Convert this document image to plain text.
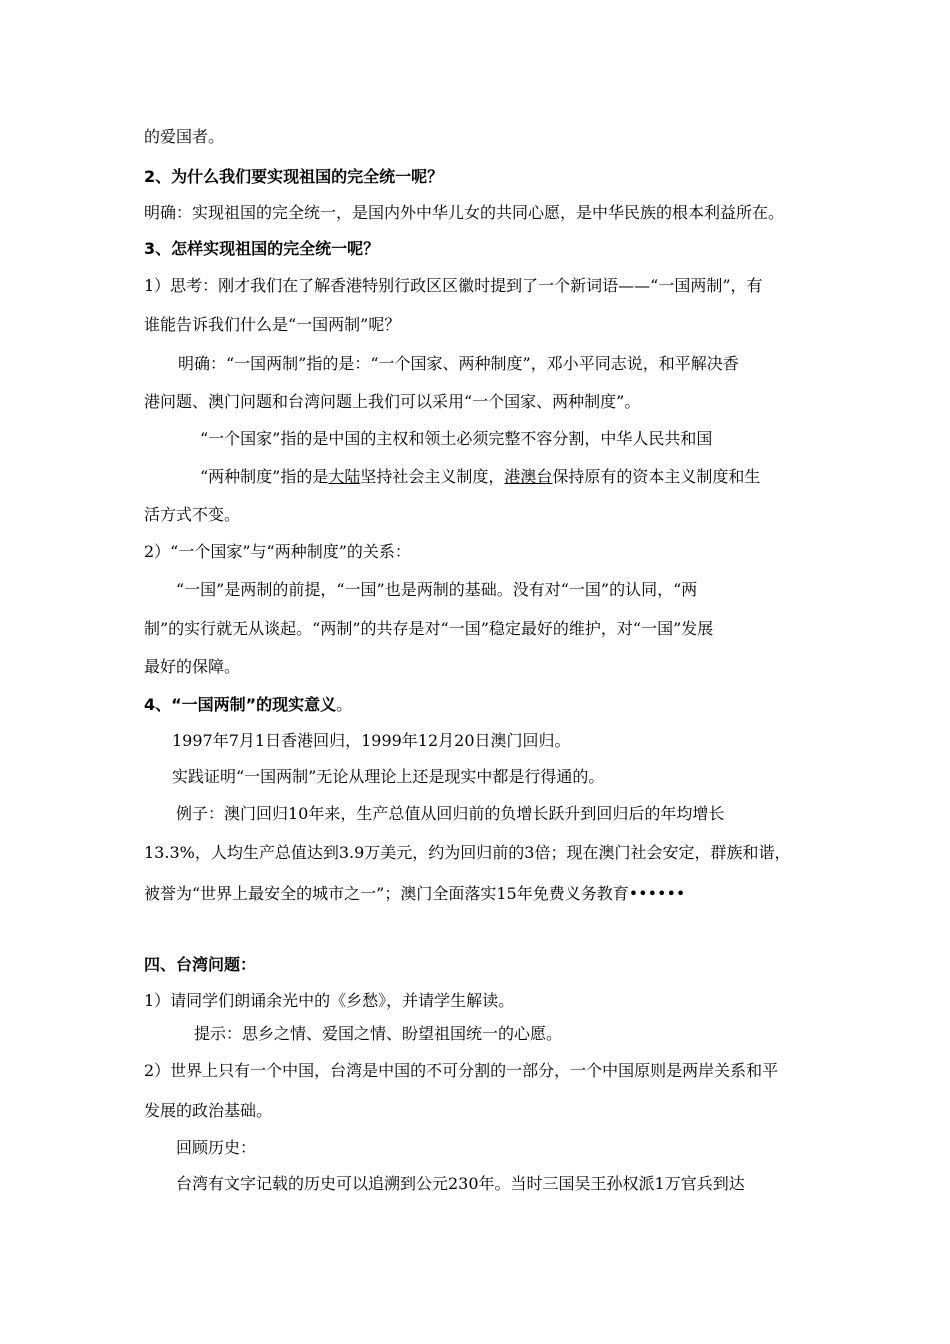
的爱国者。
2、为什么我们要实现祖国的完全统一呢？
明确：实现祖国的完全统一，是国内外中华儿女的共同心愿，是中华民族的根本利益所在。
3、怎样实现祖国的完全统一呢？
1）思考：刚才我们在了解香港特别行政区区徽时提到了一个新词语——“一国两制”，有
谁能告诉我们什么是“一国两制”呢？
明确：“一国两制”指的是：“一个国家、两种制度”，邓小平同志说，和平解决香
港问题、澳门问题和台湾问题上我们可以采用“一个国家、两种制度”。
“一个国家”指的是中国的主权和领土必须完整不容分割，中华人民共和国
“两种制度”指的是大陆坚持社会主义制度，港澳台保持原有的资本主义制度和生
活方式不变。
2）“一个国家”与“两种制度”的关系：
“一国”是两制的前提，“一国”也是两制的基础。没有对“一国”的认同，“两
制”的实行就无从谈起。“两制”的共存是对“一国”稳定最好的维护，对“一国”发展
最好的保障。
4、“一国两制”的现实意义。
1997年7月1日香港回归，1999年12月20日澳门回归。
实践证明“一国两制”无论从理论上还是现实中都是行得通的。
例子：澳门回归10年来，生产总值从回归前的负增长跃升到回归后的年均增长
13.3%，人均生产总值达到3.9万美元，约为回归前的3倍；现在澳门社会安定，群族和谐，
被誉为“世界上最安全的城市之一”；澳门全面落实15年免费义务教育••••••
四、台湾问题：
1）请同学们朗诵余光中的《乡愁》，并请学生解读。
提示：思乡之情、爱国之情、盼望祖国统一的心愿。
2）世界上只有一个中国，台湾是中国的不可分割的一部分，一个中国原则是两岸关系和平
发展的政治基础。
回顾历史：
台湾有文字记载的历史可以追溯到公元230年。当时三国吴王孙权派1万官兵到达
